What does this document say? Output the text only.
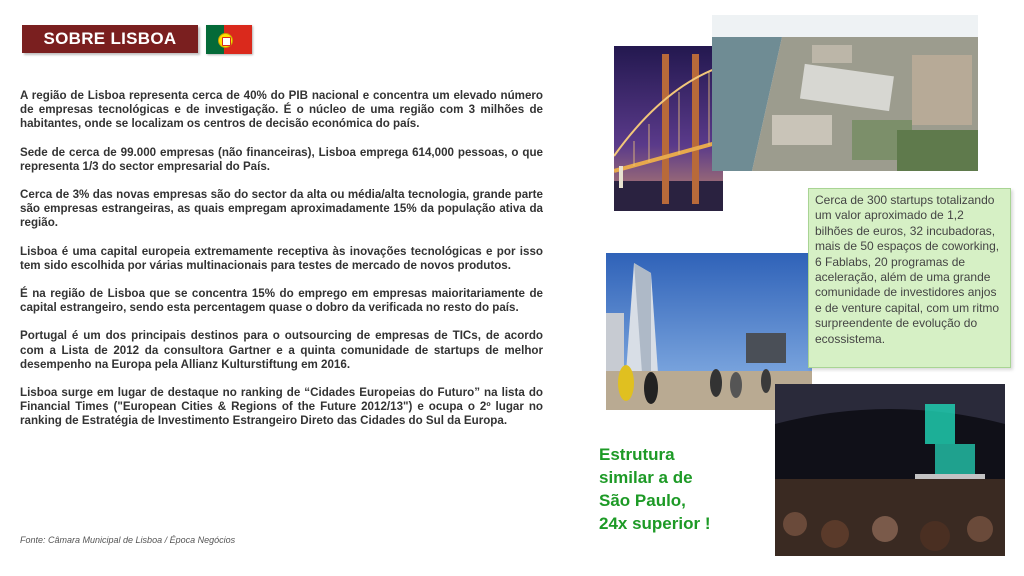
SOBRE LISBOA

A região de Lisboa representa cerca de 40% do PIB nacional e concentra um elevado número de empresas tecnológicas e de investigação. É o núcleo de uma região com 3 milhões de habitantes, onde se localizam os centros de decisão económica do país.

Sede de cerca de 99.000 empresas (não financeiras), Lisboa emprega 614,000 pessoas, o que representa 1/3 do sector empresarial do País.

Cerca de 3% das novas empresas são do sector da alta ou média/alta tecnologia, grande parte são empresas estrangeiras, as quais empregam aproximadamente 15% da população ativa da região.

Lisboa é uma capital europeia extremamente receptiva às inovações tecnológicas e por isso tem sido escolhida por várias multinacionais para testes de mercado de novos produtos.

É na região de Lisboa que se concentra 15% do emprego em empresas maioritariamente de capital estrangeiro, sendo esta percentagem quase o dobro da verificada no resto do país.

Portugal é um dos principais destinos para o outsourcing de empresas de TICs, de acordo com a Lista de 2012 da consultora Gartner e a quinta comunidade de startups de melhor desempenho na Europa pela Allianz Kulturstiftung em 2016.

Lisboa surge em lugar de destaque no ranking de “Cidades Europeias do Futuro” na lista do Financial Times ("European Cities & Regions of the Future 2012/13") e ocupa o 2º lugar no ranking de Estratégia de Investimento Estrangeiro Direto das Cidades do Sul da Europa.

Fonte: Câmara Municipal de Lisboa / Época Negócios
Cerca de 300 startups totalizando um valor aproximado de 1,2 bilhões de euros, 32 incubadoras, mais de 50 espaços de coworking, 6 Fablabs, 20 programas de aceleração, além de uma grande comunidade de investidores anjos e de venture capital, com um ritmo surpreendente de evolução do ecossistema.
Estrutura
similar a de
São Paulo,
24x superior !
